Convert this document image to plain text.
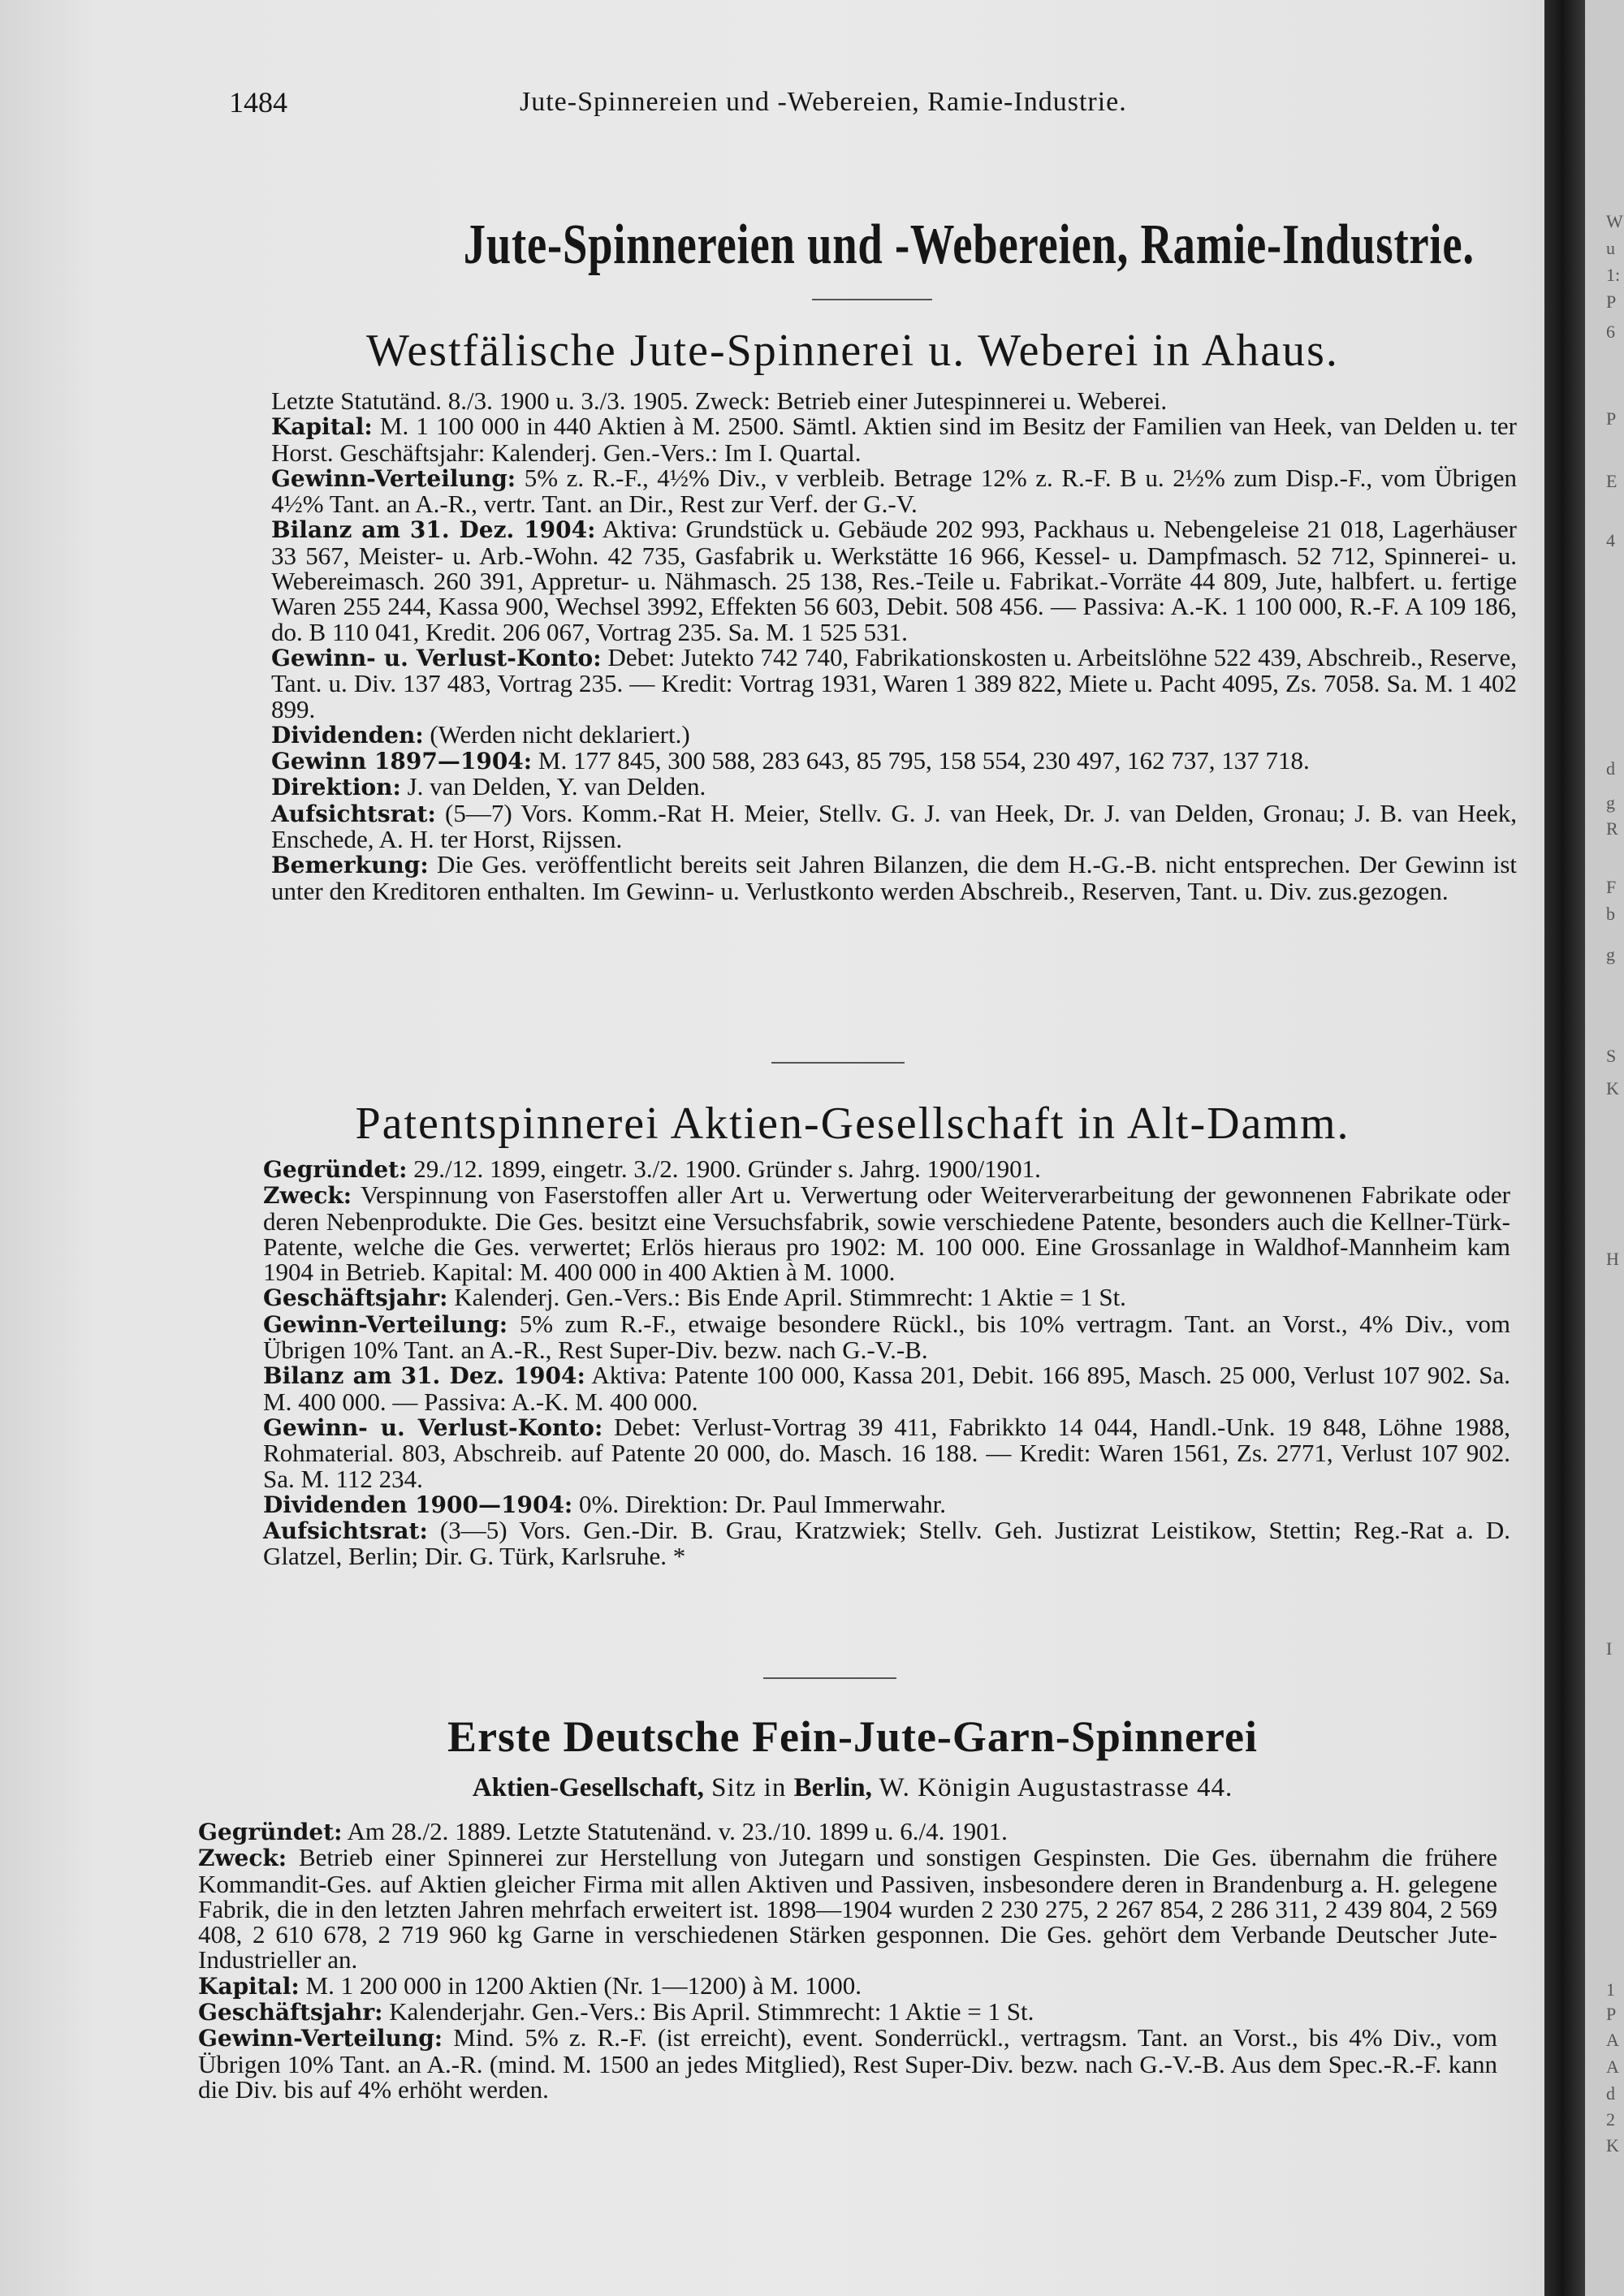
W
u
1:
P
6
P
E
4
d
g
R
F
b
g
S
K
H
I
1
P
A
A
d
2
K
1484	Jute-Spinnereien und -Webereien, Ramie-Industrie.
Jute-Spinnereien und -Webereien, Ramie-Industrie.
Westfälische Jute-Spinnerei u. Weberei in Ahaus.

Letzte Statutänd. 8./3. 1900 u. 3./3. 1905. Zweck: Betrieb einer Jutespinnerei u. Weberei.

Kapital: M. 1 100 000 in 440 Aktien à M. 2500. Sämtl. Aktien sind im Besitz der Familien van Heek, van Delden u. ter Horst. Geschäftsjahr: Kalenderj. Gen.-Vers.: Im I. Quartal.

Gewinn-Verteilung: 5% z. R.-F., 4½% Div., v verbleib. Betrage 12% z. R.-F. B u. 2½% zum Disp.-F., vom Übrigen 4½% Tant. an A.-R., vertr. Tant. an Dir., Rest zur Verf. der G.-V.

Bilanz am 31. Dez. 1904: Aktiva: Grundstück u. Gebäude 202 993, Packhaus u. Nebengeleise 21 018, Lagerhäuser 33 567, Meister- u. Arb.-Wohn. 42 735, Gasfabrik u. Werkstätte 16 966, Kessel- u. Dampfmasch. 52 712, Spinnerei- u. Webereimasch. 260 391, Appretur- u. Nähmasch. 25 138, Res.-Teile u. Fabrikat.-Vorräte 44 809, Jute, halbfert. u. fertige Waren 255 244, Kassa 900, Wechsel 3992, Effekten 56 603, Debit. 508 456. — Passiva: A.-K. 1 100 000, R.-F. A 109 186, do. B 110 041, Kredit. 206 067, Vortrag 235. Sa. M. 1 525 531.

Gewinn- u. Verlust-Konto: Debet: Jutekto 742 740, Fabrikationskosten u. Arbeitslöhne 522 439, Abschreib., Reserve, Tant. u. Div. 137 483, Vortrag 235. — Kredit: Vortrag 1931, Waren 1 389 822, Miete u. Pacht 4095, Zs. 7058. Sa. M. 1 402 899.

Dividenden: (Werden nicht deklariert.)

Gewinn 1897—1904: M. 177 845, 300 588, 283 643, 85 795, 158 554, 230 497, 162 737, 137 718.

Direktion: J. van Delden, Y. van Delden.

Aufsichtsrat: (5—7) Vors. Komm.-Rat H. Meier, Stellv. G. J. van Heek, Dr. J. van Delden, Gronau; J. B. van Heek, Enschede, A. H. ter Horst, Rijssen.

Bemerkung: Die Ges. veröffentlicht bereits seit Jahren Bilanzen, die dem H.-G.-B. nicht entsprechen. Der Gewinn ist unter den Kreditoren enthalten. Im Gewinn- u. Verlustkonto werden Abschreib., Reserven, Tant. u. Div. zus.gezogen.

Patentspinnerei Aktien-Gesellschaft in Alt-Damm.

Gegründet: 29./12. 1899, eingetr. 3./2. 1900. Gründer s. Jahrg. 1900/1901.

Zweck: Verspinnung von Faserstoffen aller Art u. Verwertung oder Weiterverarbeitung der gewonnenen Fabrikate oder deren Nebenprodukte. Die Ges. besitzt eine Versuchsfabrik, sowie verschiedene Patente, besonders auch die Kellner-Türk-Patente, welche die Ges. verwertet; Erlös hieraus pro 1902: M. 100 000. Eine Grossanlage in Waldhof-Mannheim kam 1904 in Betrieb. Kapital: M. 400 000 in 400 Aktien à M. 1000.

Geschäftsjahr: Kalenderj. Gen.-Vers.: Bis Ende April. Stimmrecht: 1 Aktie = 1 St.

Gewinn-Verteilung: 5% zum R.-F., etwaige besondere Rückl., bis 10% vertragm. Tant. an Vorst., 4% Div., vom Übrigen 10% Tant. an A.-R., Rest Super-Div. bezw. nach G.-V.-B.

Bilanz am 31. Dez. 1904: Aktiva: Patente 100 000, Kassa 201, Debit. 166 895, Masch. 25 000, Verlust 107 902. Sa. M. 400 000. — Passiva: A.-K. M. 400 000.

Gewinn- u. Verlust-Konto: Debet: Verlust-Vortrag 39 411, Fabrikkto 14 044, Handl.-Unk. 19 848, Löhne 1988, Rohmaterial. 803, Abschreib. auf Patente 20 000, do. Masch. 16 188. — Kredit: Waren 1561, Zs. 2771, Verlust 107 902. Sa. M. 112 234.

Dividenden 1900—1904: 0%. Direktion: Dr. Paul Immerwahr.

Aufsichtsrat: (3—5) Vors. Gen.-Dir. B. Grau, Kratzwiek; Stellv. Geh. Justizrat Leistikow, Stettin; Reg.-Rat a. D. Glatzel, Berlin; Dir. G. Türk, Karlsruhe. *

Erste Deutsche Fein-Jute-Garn-Spinnerei
Aktien-Gesellschaft, Sitz in Berlin, W. Königin Augustastrasse 44.

Gegründet: Am 28./2. 1889. Letzte Statutenänd. v. 23./10. 1899 u. 6./4. 1901.

Zweck: Betrieb einer Spinnerei zur Herstellung von Jutegarn und sonstigen Gespinsten. Die Ges. übernahm die frühere Kommandit-Ges. auf Aktien gleicher Firma mit allen Aktiven und Passiven, insbesondere deren in Brandenburg a. H. gelegene Fabrik, die in den letzten Jahren mehrfach erweitert ist. 1898—1904 wurden 2 230 275, 2 267 854, 2 286 311, 2 439 804, 2 569 408, 2 610 678, 2 719 960 kg Garne in verschiedenen Stärken gesponnen. Die Ges. gehört dem Verbande Deutscher Jute-Industrieller an.

Kapital: M. 1 200 000 in 1200 Aktien (Nr. 1—1200) à M. 1000.

Geschäftsjahr: Kalenderjahr. Gen.-Vers.: Bis April. Stimmrecht: 1 Aktie = 1 St.

Gewinn-Verteilung: Mind. 5% z. R.-F. (ist erreicht), event. Sonderrückl., vertragsm. Tant. an Vorst., bis 4% Div., vom Übrigen 10% Tant. an A.-R. (mind. M. 1500 an jedes Mitglied), Rest Super-Div. bezw. nach G.-V.-B. Aus dem Spec.-R.-F. kann die Div. bis auf 4% erhöht werden.
